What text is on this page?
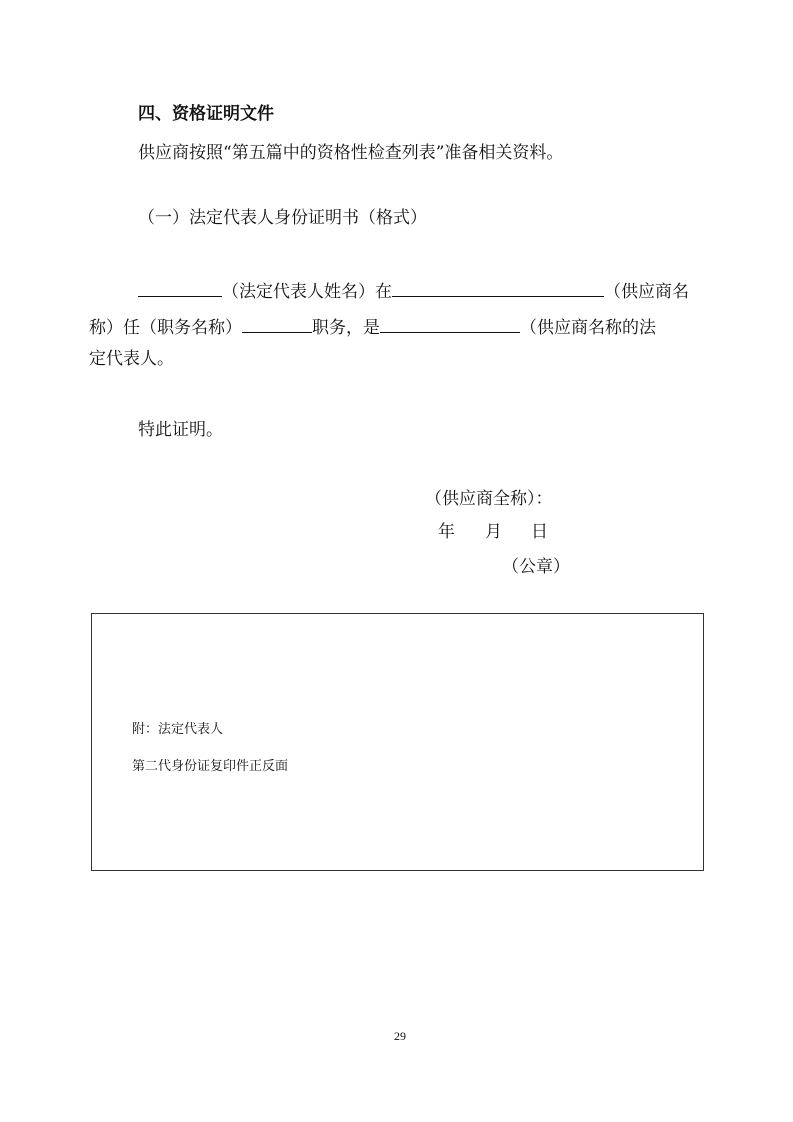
四、资格证明文件
供应商按照“第五篇中的资格性检查列表”准备相关资料。
（一）法定代表人身份证明书（格式）
（法定代表人姓名）在	（供应商名
称）任（职务名称）	职务，是	（供应商名称的法
定代表人。
特此证明。
（供应商全称）：
年 月 日
（公章）
附：法定代表人
第二代身份证复印件正反面
29
